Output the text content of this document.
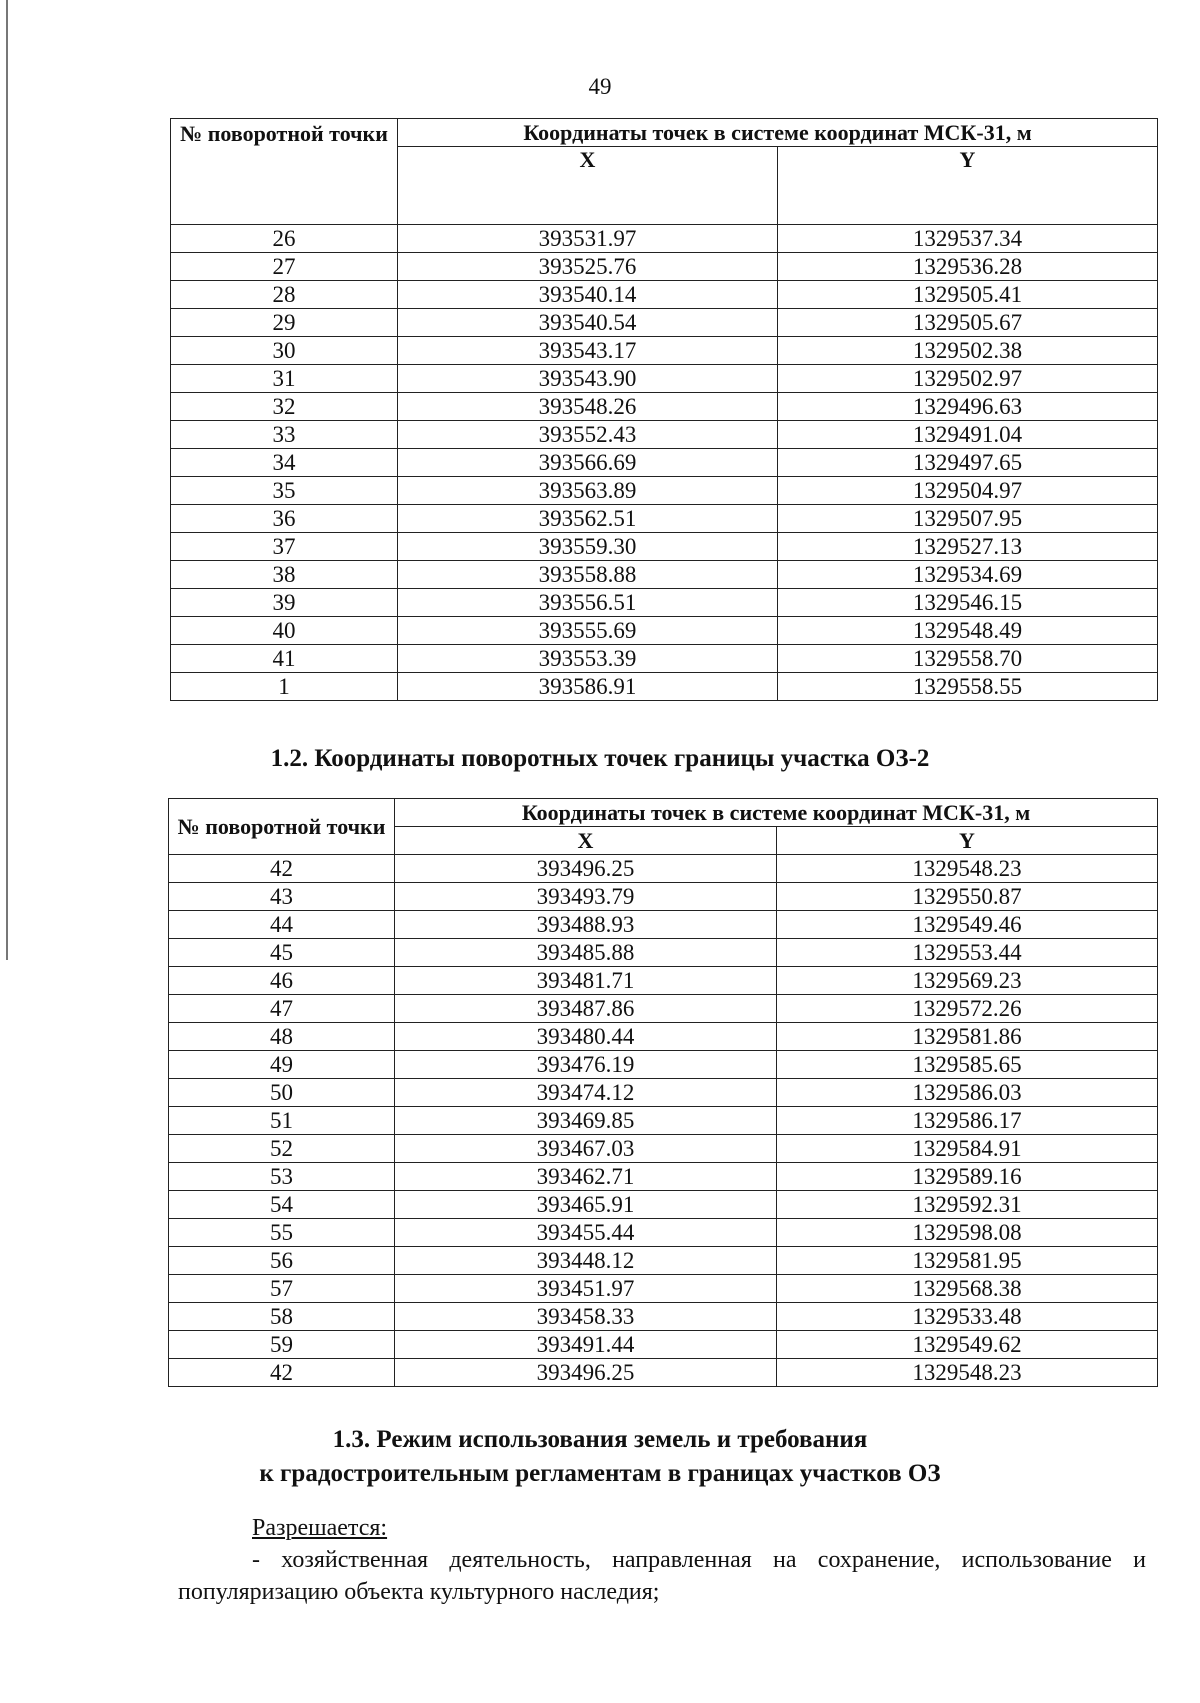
49
№ поворотной точки	Координаты точек в системе координат МСК-31, м	
	X	Y
26	393531.97	1329537.34
27	393525.76	1329536.28
28	393540.14	1329505.41
29	393540.54	1329505.67
30	393543.17	1329502.38
31	393543.90	1329502.97
32	393548.26	1329496.63
33	393552.43	1329491.04
34	393566.69	1329497.65
35	393563.89	1329504.97
36	393562.51	1329507.95
37	393559.30	1329527.13
38	393558.88	1329534.69
39	393556.51	1329546.15
40	393555.69	1329548.49
41	393553.39	1329558.70
1	393586.91	1329558.55
1.2. Координаты поворотных точек границы участка ОЗ-2
№ поворотной точки	Координаты точек в системе координат МСК-31, м	
	X	Y
42	393496.25	1329548.23
43	393493.79	1329550.87
44	393488.93	1329549.46
45	393485.88	1329553.44
46	393481.71	1329569.23
47	393487.86	1329572.26
48	393480.44	1329581.86
49	393476.19	1329585.65
50	393474.12	1329586.03
51	393469.85	1329586.17
52	393467.03	1329584.91
53	393462.71	1329589.16
54	393465.91	1329592.31
55	393455.44	1329598.08
56	393448.12	1329581.95
57	393451.97	1329568.38
58	393458.33	1329533.48
59	393491.44	1329549.62
42	393496.25	1329548.23
1.3. Режим использования земель и требования
к градостроительным регламентам в границах участков ОЗ
Разрешается:
- хозяйственная деятельность, направленная на сохранение, использование и популяризацию объекта культурного наследия;
